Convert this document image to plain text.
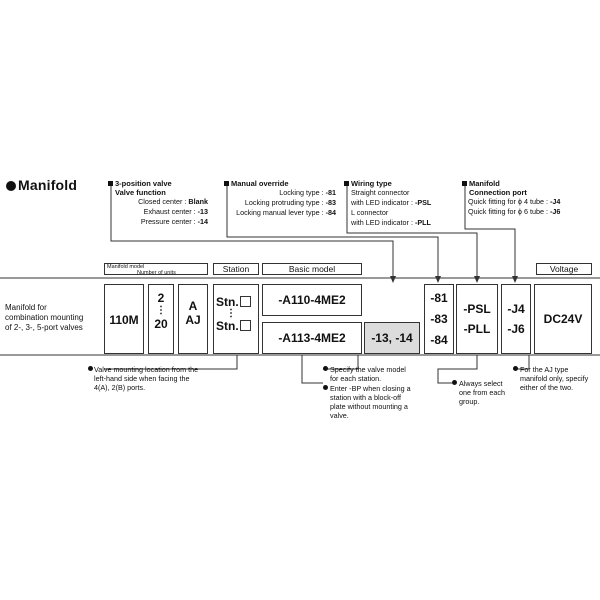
Manifold	3-position valve
Valve function
Closed center : Blank
Exhaust center : -13
Pressure center : -14
Manual override
Locking type : -81
Locking protruding type : -83
Locking manual lever type : -84
Wiring type
Straight connector
with LED indicator : -PSL
L connector
with LED indicator : -PLL
Manifold
Connection port
Quick fitting for ϕ 4 tube : -J4
Quick fitting for ϕ 6 tube : -J6
Manifold model
Number of units	Station	Basic model	Voltage
Manifold for
combination mounting
of 2-, 3-, 5-port valves
110M
2
⋮
20
A
AJ
Stn.
⋮
Stn.
-A110-4ME2
-A113-4ME2	-13, -14
-81
-83
-84
-PSL
-PLL
-J4
-J6
DC24V
Valve mounting location from the
left-hand side when facing the
4(A), 2(B) ports.
Specify the valve model
for each station.
Enter -BP when closing a
station with a block-off
plate without mounting a
valve.
Always select
one from each
group.
For the AJ type
manifold only, specify
either of the two.
